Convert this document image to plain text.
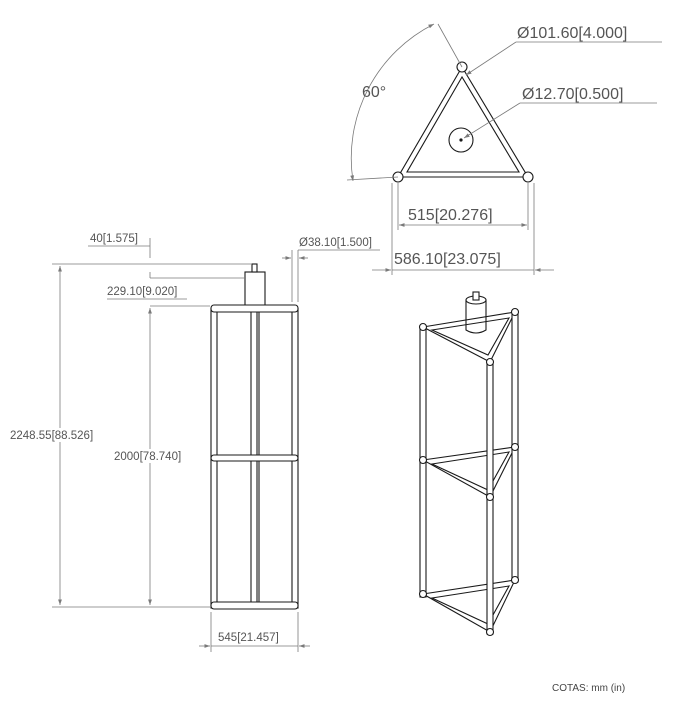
60°
Ø101.60[4.000]
Ø12.70[0.500]
515[20.276]
586.10[23.075]
40[1.575]	Ø38.10[1.500]
229.10[9.020]
2248.55[88.526]
2000[78.740]
545[21.457]
COTAS: mm (in)
